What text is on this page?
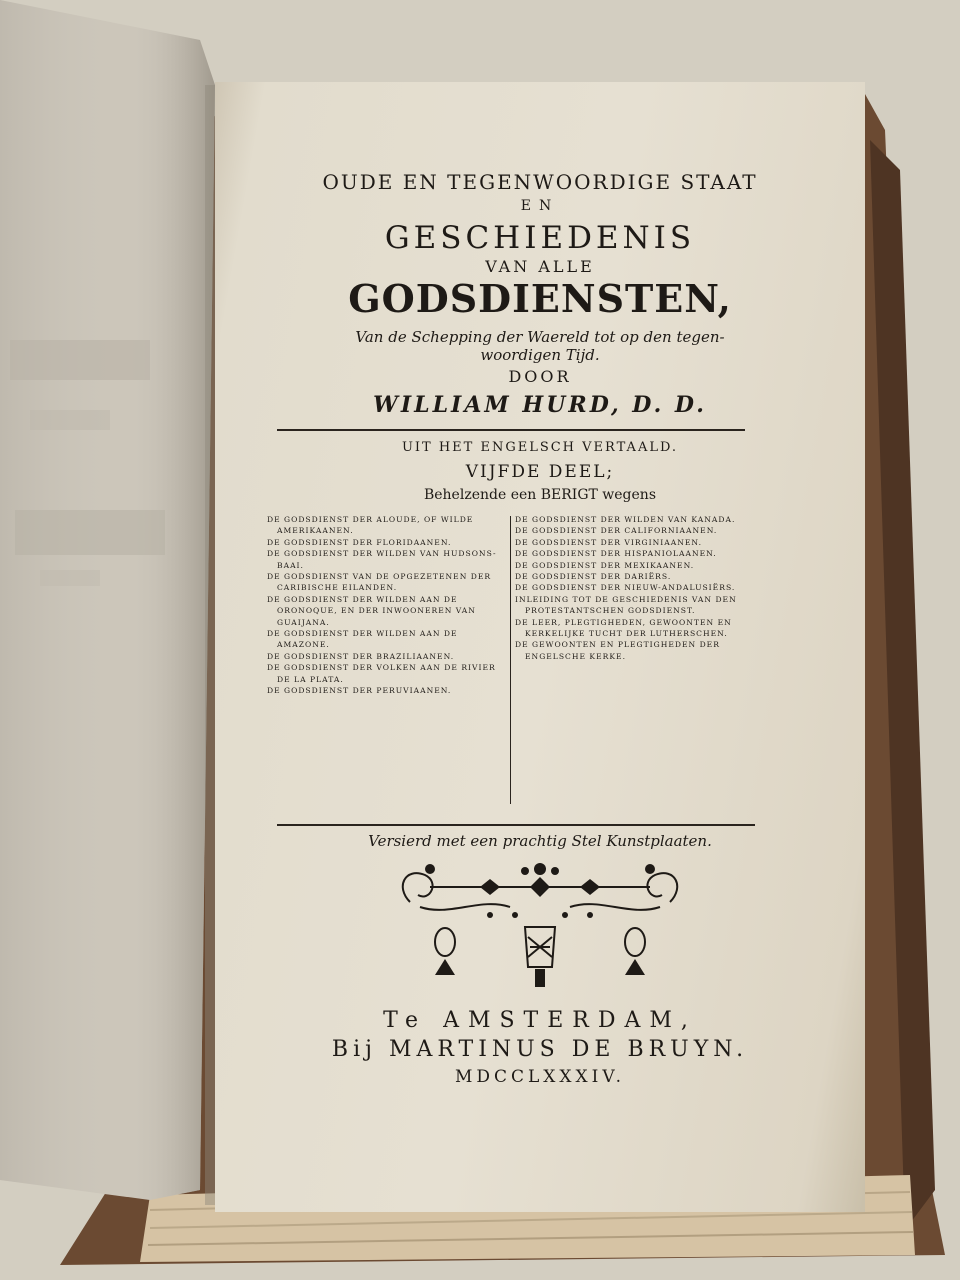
OUDE EN TEGENWOORDIGE STAAT

EN

GESCHIEDENIS

VAN ALLE

GODSDIENSTEN,

Van de Schepping der Waereld tot op den tegen-

woordigen Tijd.

DOOR

WILLIAM HURD, D. D.

UIT HET ENGELSCH VERTAALD.

VIJFDE DEEL;

Behelzende een BERIGT wegens

DE GODSDIENST DER ALOUDE, OF WILDE AMERIKAANEN.

DE GODSDIENST DER FLORIDAANEN.

DE GODSDIENST DER WILDEN VAN HUDSONS-BAAI.

DE GODSDIENST VAN DE OPGEZETENEN DER CARIBISCHE EILANDEN.

DE GODSDIENST DER WILDEN AAN DE ORONOQUE, EN DER INWOONEREN VAN GUAIJANA.

DE GODSDIENST DER WILDEN AAN DE AMAZONE.

DE GODSDIENST DER BRAZILIAANEN.

DE GODSDIENST DER VOLKEN AAN DE RIVIER DE LA PLATA.

DE GODSDIENST DER PERUVIAANEN.

DE GODSDIENST DER WILDEN VAN KANADA.

DE GODSDIENST DER CALIFORNIAANEN.

DE GODSDIENST DER VIRGINIAANEN.

DE GODSDIENST DER HISPANIOLAANEN.

DE GODSDIENST DER MEXIKAANEN.

DE GODSDIENST DER DARIËRS.

DE GODSDIENST DER NIEUW-ANDALUSIËRS.

INLEIDING TOT DE GESCHIEDENIS VAN DEN PROTESTANTSCHEN GODSDIENST.

DE LEER, PLEGTIGHEDEN, GEWOONTEN EN KERKELIJKE TUCHT DER LUTHERSCHEN.

DE GEWOONTEN EN PLEGTIGHEDEN DER ENGELSCHE KERKE.

Versierd met een prachtig Stel Kunstplaaten.

Te AMSTERDAM,

Bij MARTINUS DE BRUYN.

MDCCLXXXIV.
